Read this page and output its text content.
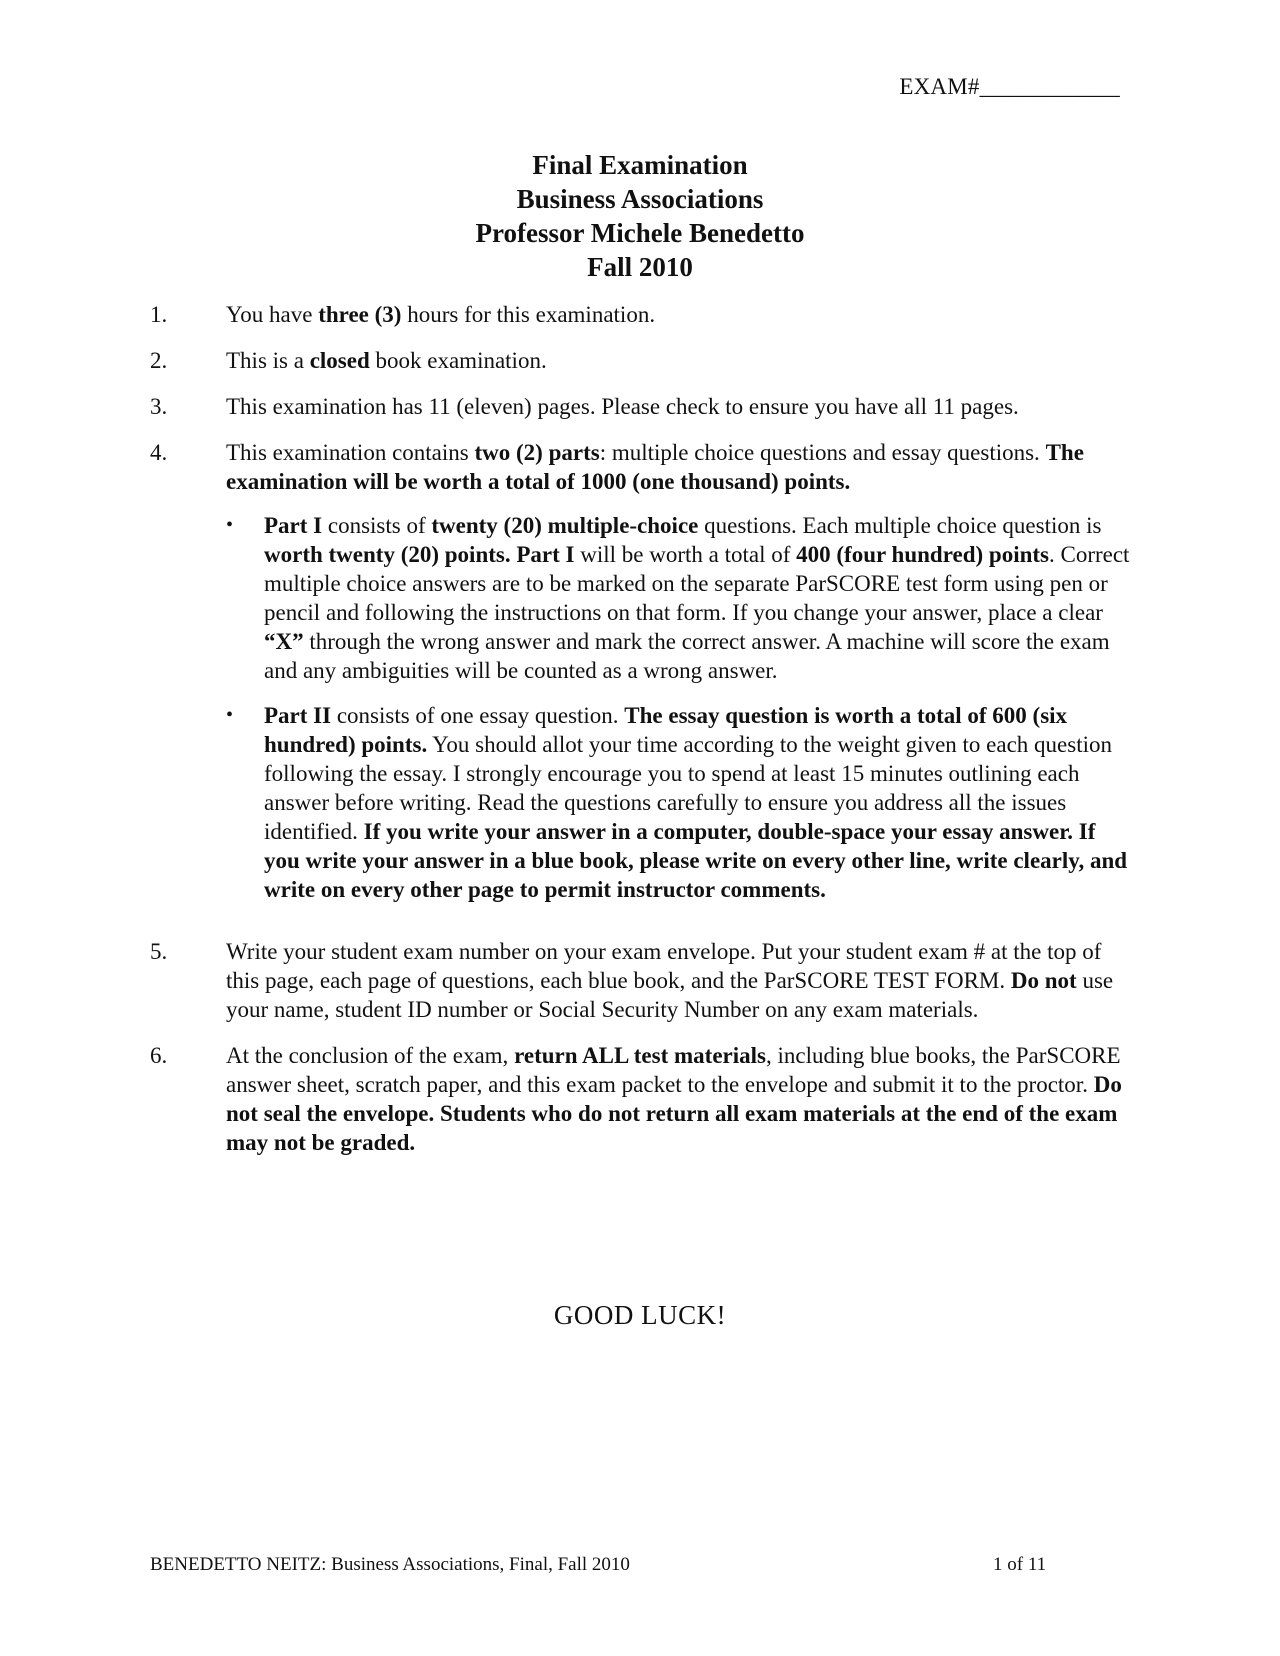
EXAM#____________
Final Examination
Business Associations
Professor Michele Benedetto
Fall 2010
1.	You have three (3) hours for this examination.
2.	This is a closed book examination.
3.	This examination has 11 (eleven) pages. Please check to ensure you have all 11 pages.
4.	This examination contains two (2) parts: multiple choice questions and essay questions. The examination will be worth a total of 1000 (one thousand) points.
•	Part I consists of twenty (20) multiple-choice questions. Each multiple choice question is worth twenty (20) points. Part I will be worth a total of 400 (four hundred) points. Correct multiple choice answers are to be marked on the separate ParSCORE test form using pen or pencil and following the instructions on that form. If you change your answer, place a clear “X” through the wrong answer and mark the correct answer. A machine will score the exam and any ambiguities will be counted as a wrong answer.
•	Part II consists of one essay question. The essay question is worth a total of 600 (six hundred) points. You should allot your time according to the weight given to each question following the essay. I strongly encourage you to spend at least 15 minutes outlining each answer before writing. Read the questions carefully to ensure you address all the issues identified. If you write your answer in a computer, double-space your essay answer. If you write your answer in a blue book, please write on every other line, write clearly, and write on every other page to permit instructor comments.
5.	Write your student exam number on your exam envelope. Put your student exam # at the top of this page, each page of questions, each blue book, and the ParSCORE TEST FORM. Do not use your name, student ID number or Social Security Number on any exam materials.
6.	At the conclusion of the exam, return ALL test materials, including blue books, the ParSCORE answer sheet, scratch paper, and this exam packet to the envelope and submit it to the proctor. Do not seal the envelope. Students who do not return all exam materials at the end of the exam may not be graded.
GOOD LUCK!
BENEDETTO NEITZ: Business Associations, Final, Fall 2010	1 of 11
